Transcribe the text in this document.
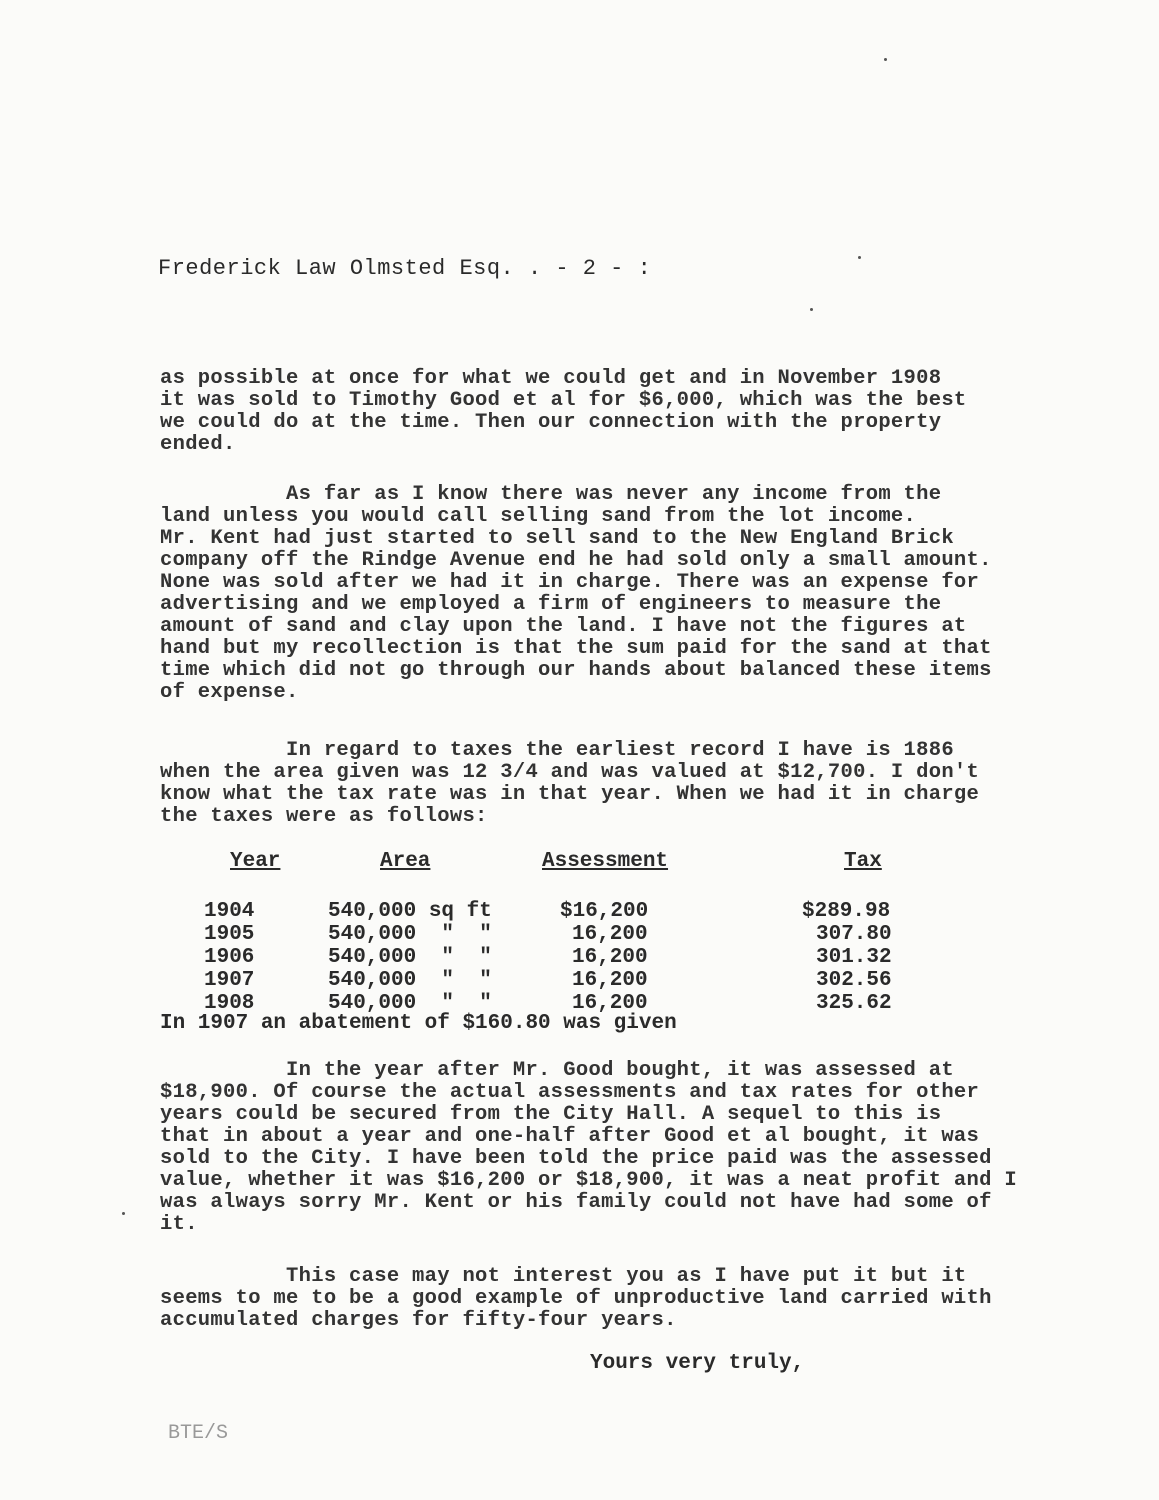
Frederick Law Olmsted Esq. . - 2 - :
as possible at once for what we could get and in November 1908
it was sold to Timothy Good et al for $6,000, which was the best
we could do at the time. Then our connection with the property
ended.
As far as I know there was never any income from the
land unless you would call selling sand from the lot income.
Mr. Kent had just started to sell sand to the New England Brick
company off the Rindge Avenue end he had sold only a small amount.
None was sold after we had it in charge. There was an expense for
advertising and we employed a firm of engineers to measure the
amount of sand and clay upon the land. I have not the figures at
hand but my recollection is that the sum paid for the sand at that
time which did not go through our hands about balanced these items
of expense.
In regard to taxes the earliest record I have is 1886
when the area given was 12 3/4 and was valued at $12,700. I don't
know what the tax rate was in that year. When we had it in charge
the taxes were as follows:
Year	Area	Assessment	Tax
1904	540,000 sq ft	$16,200	$289.98
1905	540,000  "  "	16,200	307.80
1906	540,000  "  "	16,200	301.32
1907	540,000  "  "	16,200	302.56
1908	540,000  "  "	16,200	325.62
In 1907 an abatement of $160.80 was given
In the year after Mr. Good bought, it was assessed at
$18,900. Of course the actual assessments and tax rates for other
years could be secured from the City Hall. A sequel to this is
that in about a year and one-half after Good et al bought, it was
sold to the City. I have been told the price paid was the assessed
value, whether it was $16,200 or $18,900, it was a neat profit and I
was always sorry Mr. Kent or his family could not have had some of
it.
This case may not interest you as I have put it but it
seems to me to be a good example of unproductive land carried with
accumulated charges for fifty-four years.
Yours very truly,
BTE/S
